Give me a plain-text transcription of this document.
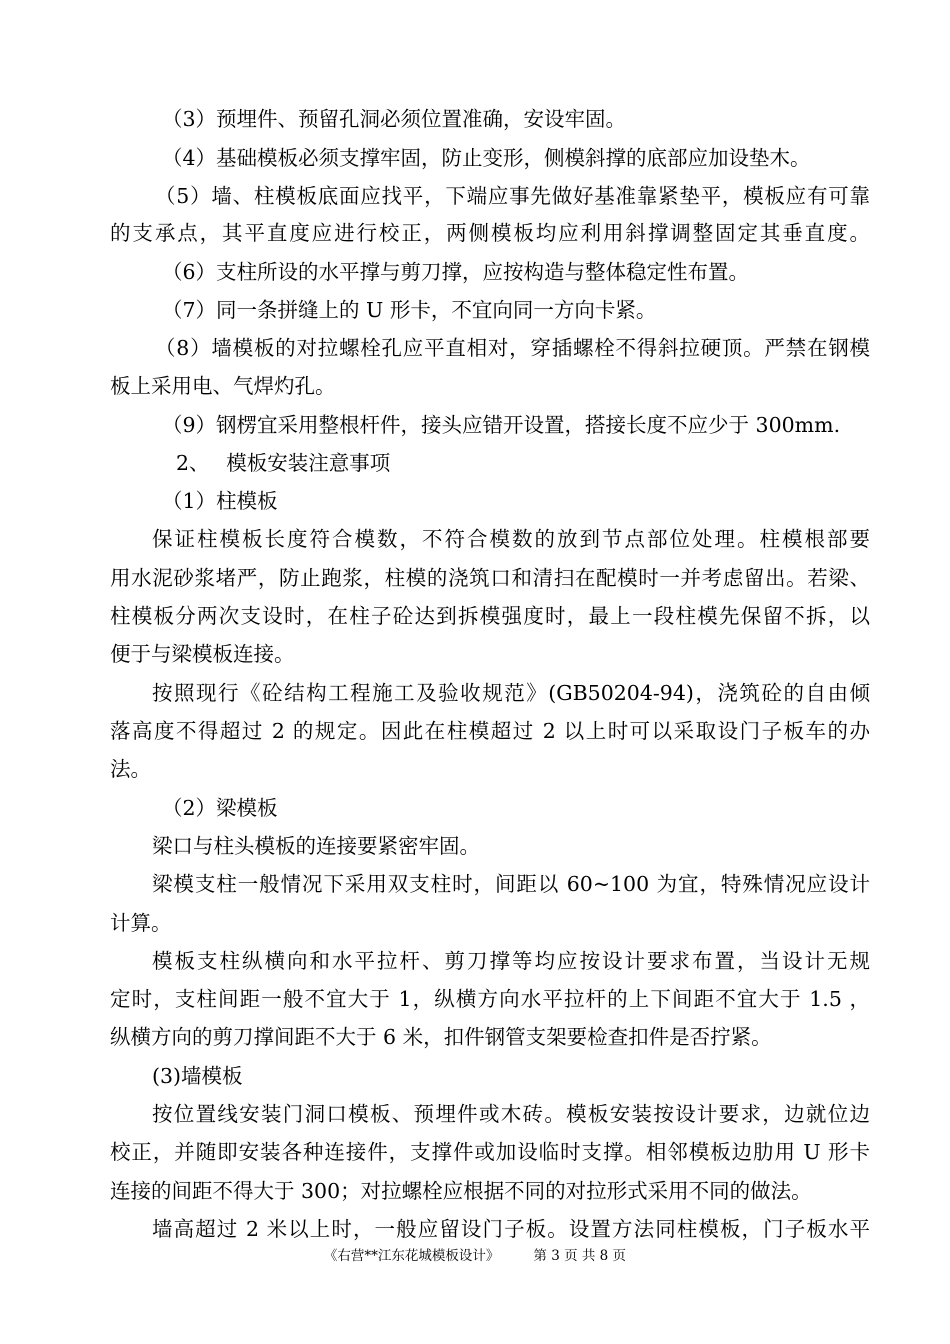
（3）预埋件、预留孔洞必须位置准确，安设牢固。
（4）基础模板必须支撑牢固，防止变形，侧模斜撑的底部应加设垫木。
（5）墙、柱模板底面应找平，下端应事先做好基准靠紧垫平，模板应有可靠
的支承点，其平直度应进行校正，两侧模板均应利用斜撑调整固定其垂直度。
（6）支柱所设的水平撑与剪刀撑，应按构造与整体稳定性布置。
（7）同一条拼缝上的 U 形卡，不宜向同一方向卡紧。
（8）墙模板的对拉螺栓孔应平直相对，穿插螺栓不得斜拉硬顶。严禁在钢模
板上采用电、气焊灼孔。
（9）钢楞宜采用整根杆件，接头应错开设置，搭接长度不应少于 300mm.
2、　 模板安装注意事项
（1）柱模板
保证柱模板长度符合模数，不符合模数的放到节点部位处理。柱模根部要
用水泥砂浆堵严，防止跑浆，柱模的浇筑口和清扫在配模时一并考虑留出。若梁、
柱模板分两次支设时，在柱子砼达到拆模强度时，最上一段柱模先保留不拆，以
便于与梁模板连接。
按照现行《砼结构工程施工及验收规范》(GB50204-94)，浇筑砼的自由倾
落高度不得超过 2 的规定。因此在柱模超过 2 以上时可以采取设门子板车的办
法。
（2）梁模板
梁口与柱头模板的连接要紧密牢固。
梁模支柱一般情况下采用双支柱时，间距以 60~100 为宜，特殊情况应设计
计算。
模板支柱纵横向和水平拉杆、剪刀撑等均应按设计要求布置，当设计无规
定时，支柱间距一般不宜大于 1，纵横方向水平拉杆的上下间距不宜大于 1.5 ，
纵横方向的剪刀撑间距不大于 6 米，扣件钢管支架要检查扣件是否拧紧。
(3)墙模板
按位置线安装门洞口模板、预埋件或木砖。模板安装按设计要求，边就位边
校正，并随即安装各种连接件，支撑件或加设临时支撑。相邻模板边肋用 U 形卡
连接的间距不得大于 300；对拉螺栓应根据不同的对拉形式采用不同的做法。
墙高超过 2 米以上时，一般应留设门子板。设置方法同柱模板，门子板水平
《右营**江东花城模板设计》	第 3 页 共 8 页
